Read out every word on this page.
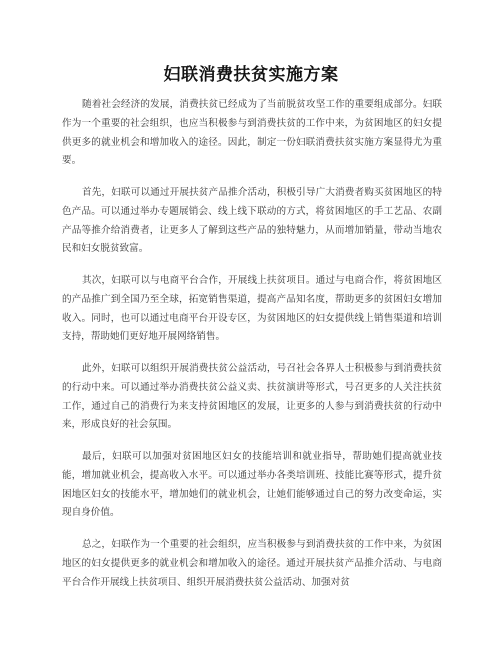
妇联消费扶贫实施方案

随着社会经济的发展，消费扶贫已经成为了当前脱贫攻坚工作的重要组成部分。妇联作为一个重要的社会组织，也应当积极参与到消费扶贫的工作中来，为贫困地区的妇女提供更多的就业机会和增加收入的途径。因此，制定一份妇联消费扶贫实施方案显得尤为重要。

首先，妇联可以通过开展扶贫产品推介活动，积极引导广大消费者购买贫困地区的特色产品。可以通过举办专题展销会、线上线下联动的方式，将贫困地区的手工艺品、农副产品等推介给消费者，让更多人了解到这些产品的独特魅力，从而增加销量，带动当地农民和妇女脱贫致富。

其次，妇联可以与电商平台合作，开展线上扶贫项目。通过与电商合作，将贫困地区的产品推广到全国乃至全球，拓宽销售渠道，提高产品知名度，帮助更多的贫困妇女增加收入。同时，也可以通过电商平台开设专区，为贫困地区的妇女提供线上销售渠道和培训支持，帮助她们更好地开展网络销售。

此外，妇联可以组织开展消费扶贫公益活动，号召社会各界人士积极参与到消费扶贫的行动中来。可以通过举办消费扶贫公益义卖、扶贫演讲等形式，号召更多的人关注扶贫工作，通过自己的消费行为来支持贫困地区的发展，让更多的人参与到消费扶贫的行动中来，形成良好的社会氛围。

最后，妇联可以加强对贫困地区妇女的技能培训和就业指导，帮助她们提高就业技能，增加就业机会，提高收入水平。可以通过举办各类培训班、技能比赛等形式，提升贫困地区妇女的技能水平，增加她们的就业机会，让她们能够通过自己的努力改变命运，实现自身价值。

总之，妇联作为一个重要的社会组织，应当积极参与到消费扶贫的工作中来，为贫困地区的妇女提供更多的就业机会和增加收入的途径。通过开展扶贫产品推介活动、与电商平台合作开展线上扶贫项目、组织开展消费扶贫公益活动、加强对贫
